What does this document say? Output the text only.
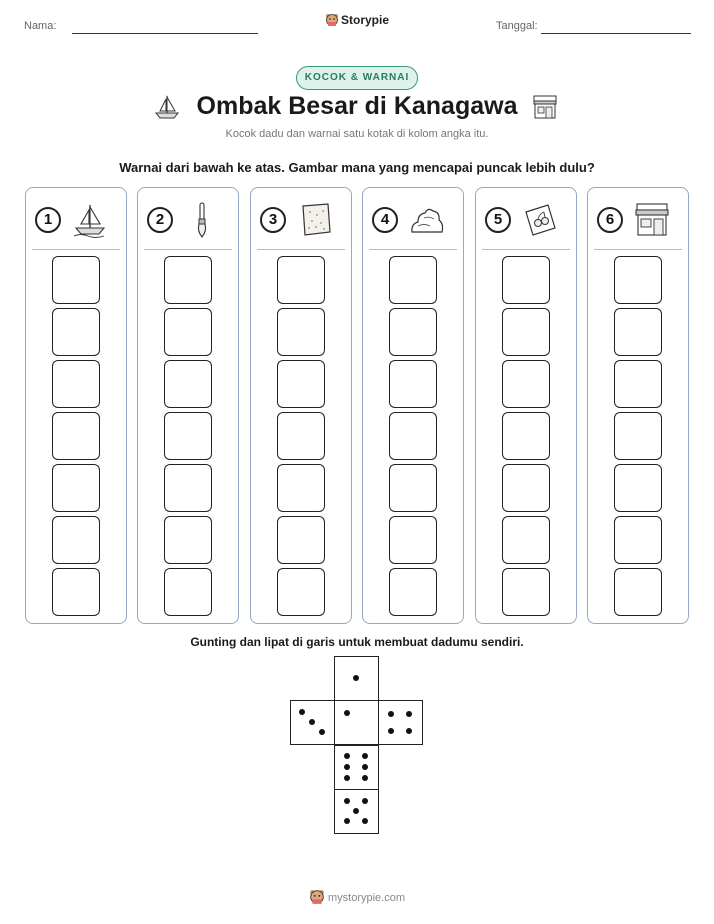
Nama:	Storypie	Tanggal:
KOCOK & WARNAI
Ombak Besar di Kanagawa
Kocok dadu dan warnai satu kotak di kolom angka itu.
Warnai dari bawah ke atas. Gambar mana yang mencapai puncak lebih dulu?
1	2	3	4	5	6
Gunting dan lipat di garis untuk membuat dadumu sendiri.
mystorypie.com
